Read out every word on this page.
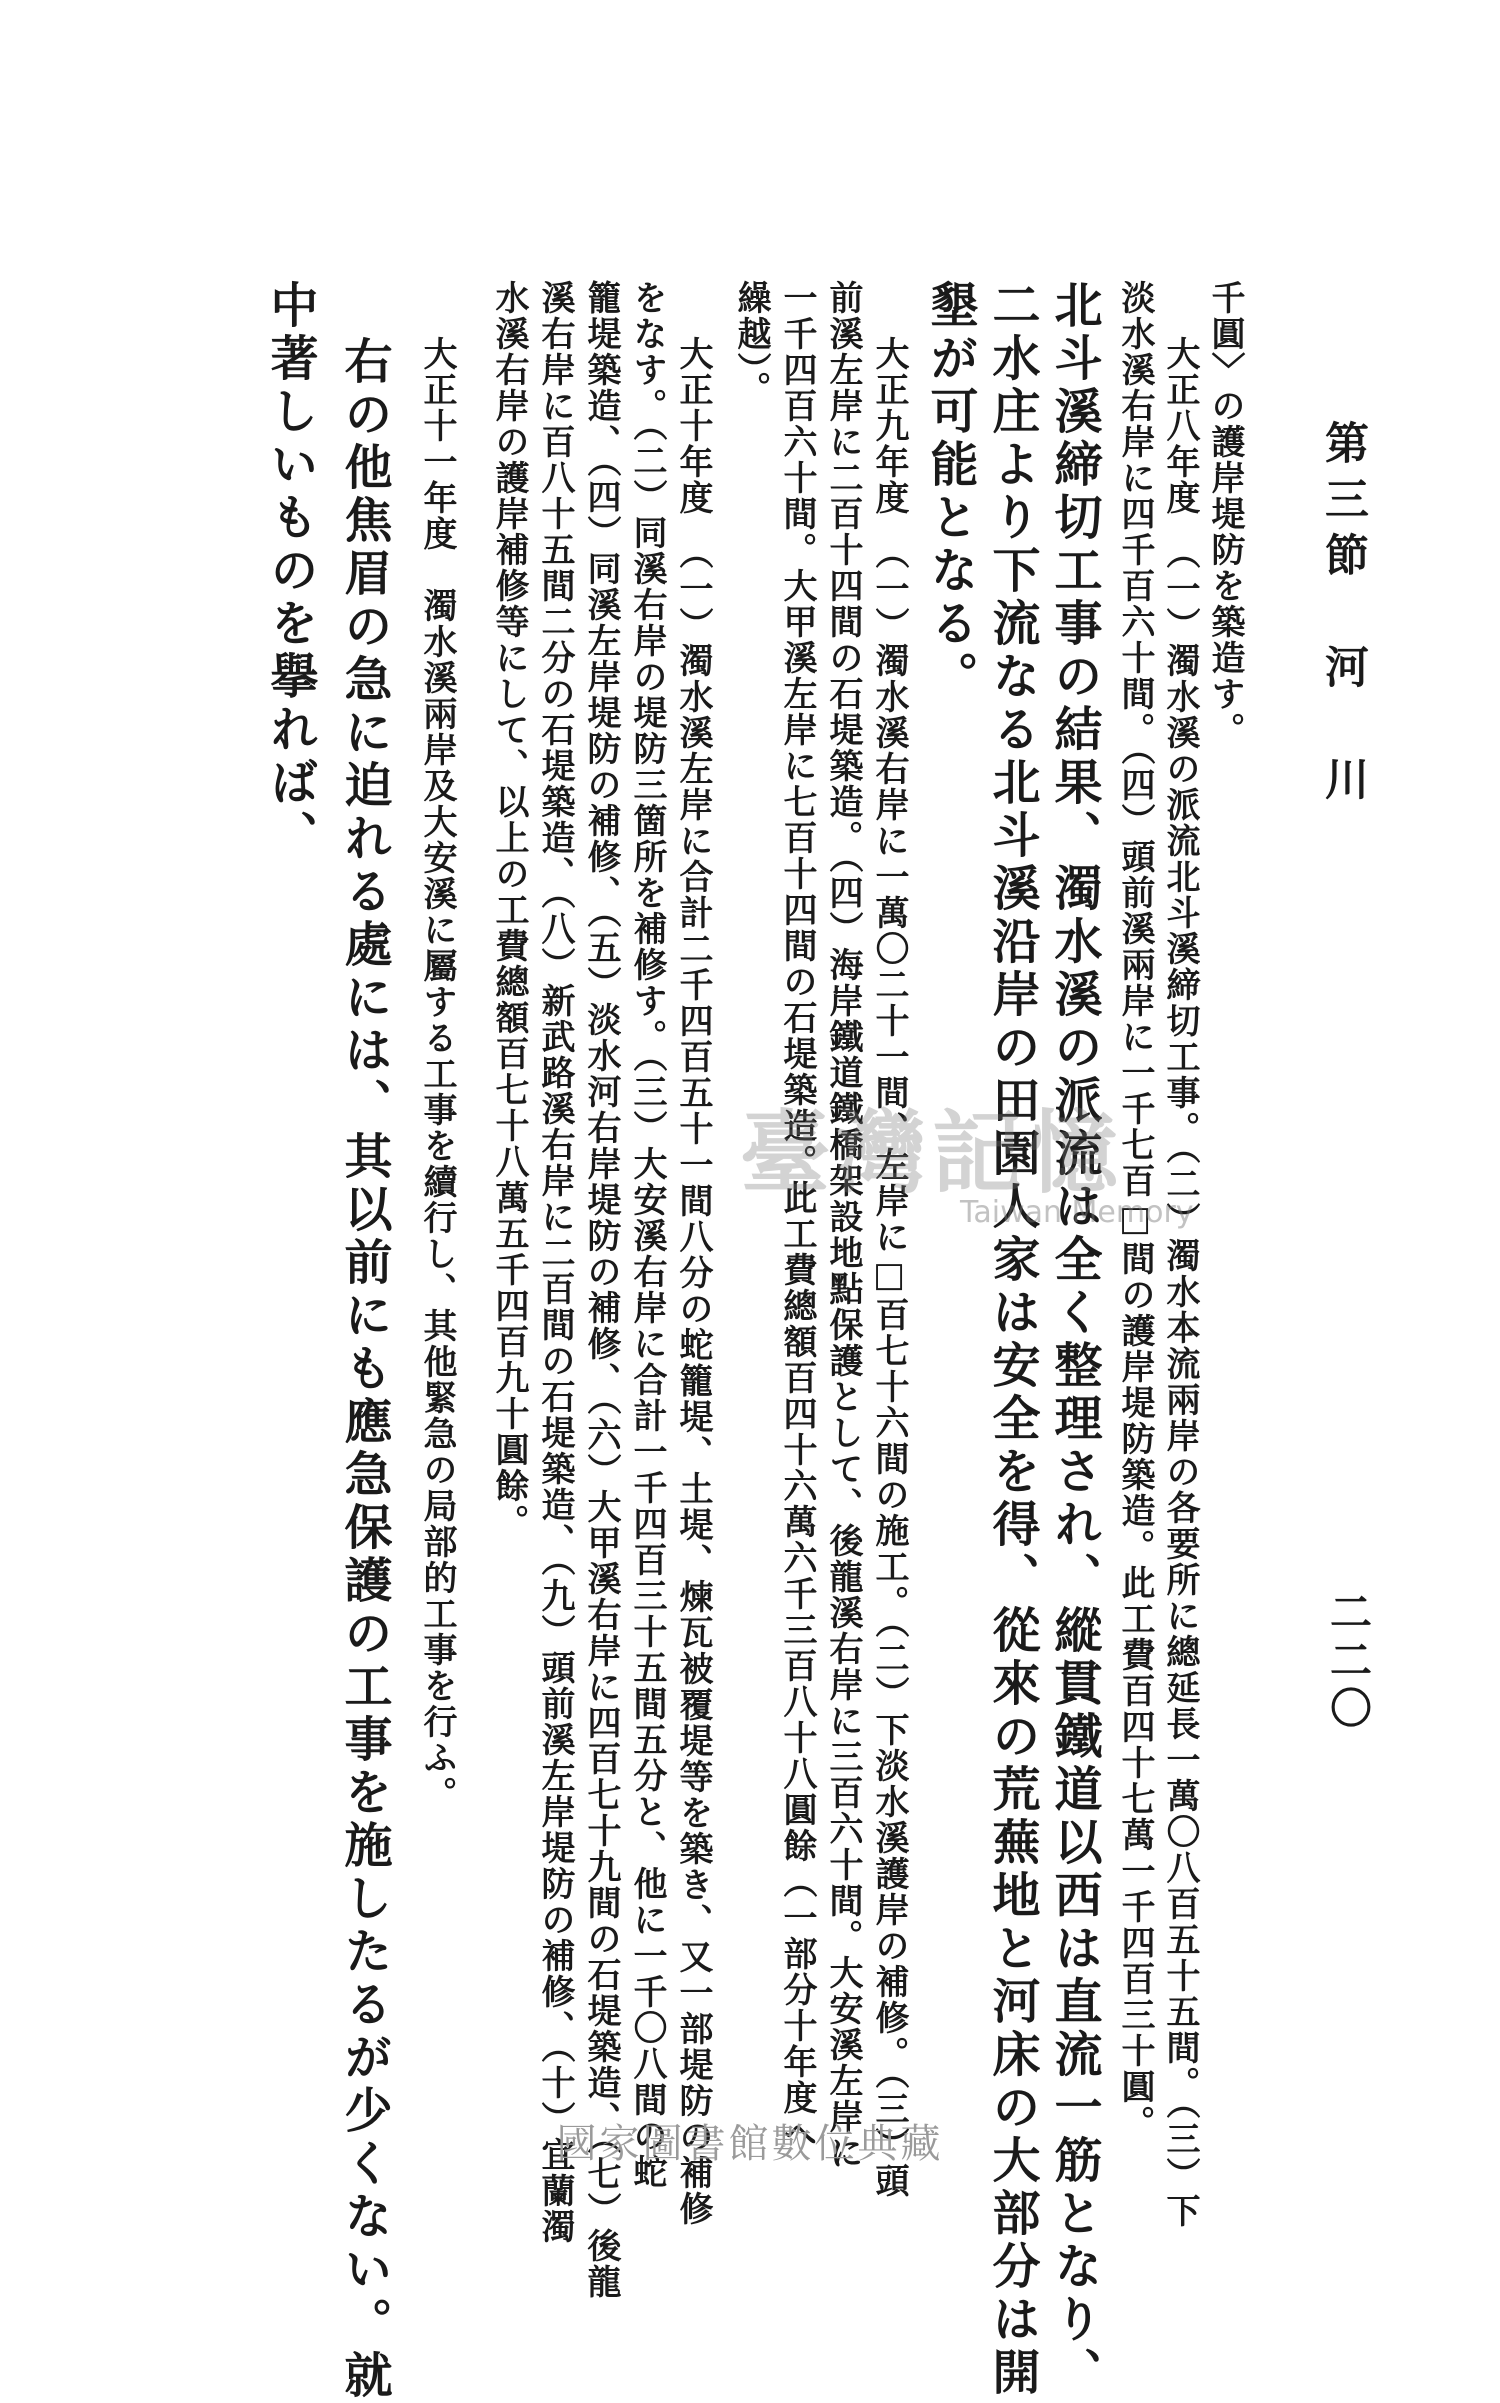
第三節　河　川
二二〇
千圓〉の護岸堤防を築造す。
大正八年度　（一）濁水溪の派流北斗溪締切工事。（二）濁水本流兩岸の各要所に總延長一萬〇八百五十五間。（三）下
淡水溪右岸に四千百六十間。（四）頭前溪兩岸に一千七百□間の護岸堤防築造。此工費百四十七萬一千四百三十圓。
北斗溪締切工事の結果、濁水溪の派流は全く整理され、縱貫鐵道以西は直流一筋となり、
二水庄より下流なる北斗溪沿岸の田園人家は安全を得、從來の荒蕪地と河床の大部分は開
墾が可能となる。
大正九年度　（一）濁水溪右岸に一萬〇二十一間、左岸に□百七十六間の施工。（二）下淡水溪護岸の補修。（三）頭
前溪左岸に二百十四間の石堤築造。（四）海岸鐵道鐵橋架設地點保護として、後龍溪右岸に三百六十間。大安溪左岸に
一千四百六十間。大甲溪左岸に七百十四間の石堤築造。此工費總額百四十六萬六千三百八十八圓餘（一部分十年度へ
繰越）。
大正十年度　（一）濁水溪左岸に合計二千四百五十一間八分の蛇籠堤、土堤、煉瓦被覆堤等を築き、又一部堤防の補修
をなす。（二）同溪右岸の堤防三箇所を補修す。（三）大安溪右岸に合計一千四百三十五間五分と、他に一千〇八間の蛇
籠堤築造、（四）同溪左岸堤防の補修、（五）淡水河右岸堤防の補修、（六）大甲溪右岸に四百七十九間の石堤築造、（七）後龍
溪右岸に百八十五間二分の石堤築造、（八）新武路溪右岸に二百間の石堤築造、（九）頭前溪左岸堤防の補修、（十）宜蘭濁
水溪右岸の護岸補修等にして、以上の工費總額百七十八萬五千四百九十圓餘。
大正十一年度　濁水溪兩岸及大安溪に屬する工事を續行し、其他緊急の局部的工事を行ふ。
右の他焦眉の急に迫れる處には、其以前にも應急保護の工事を施したるが少くない。就
中著しいものを擧れば、
臺灣記憶
Taiwan Memory
國家圖書館數位典藏
